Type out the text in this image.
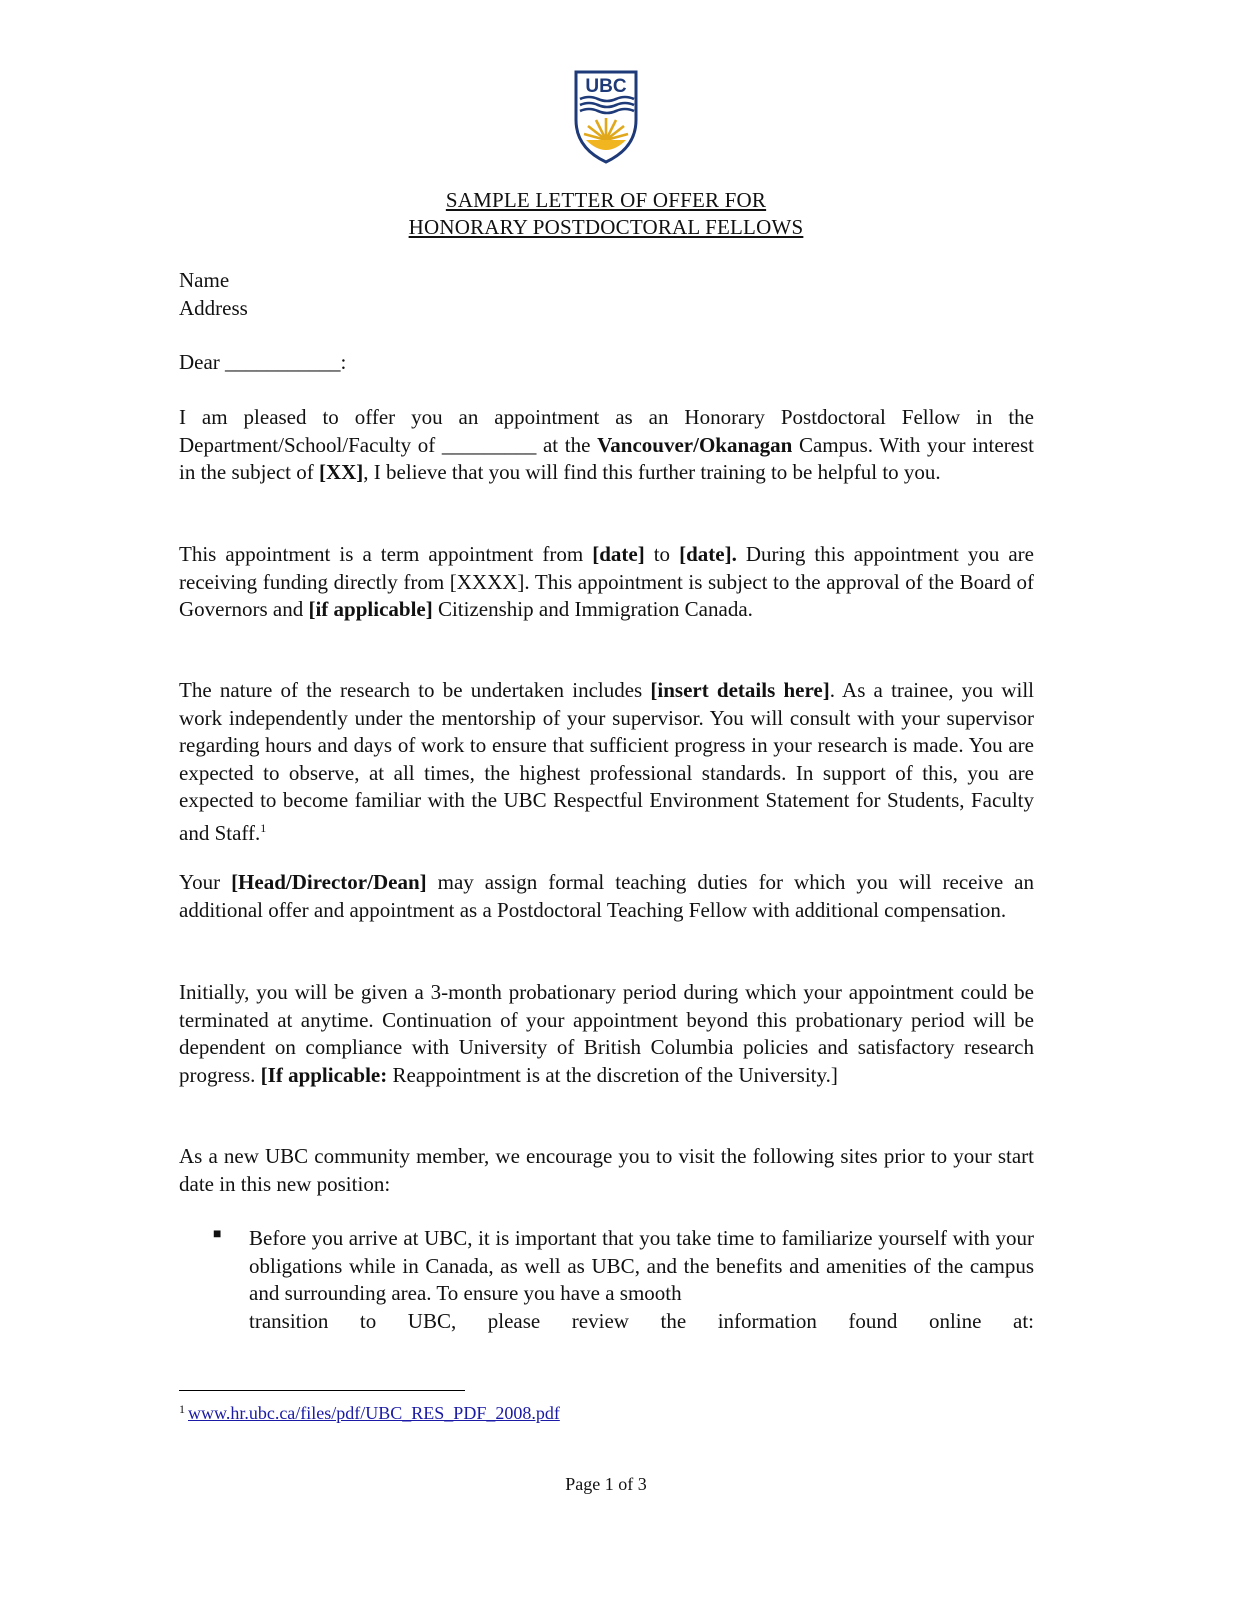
UBC
SAMPLE LETTER OF OFFER FOR
HONORARY POSTDOCTORAL FELLOWS

Name

Address

Dear ___________:
I am pleased to offer you an appointment as an Honorary Postdoctoral Fellow in the Department/School/Faculty of _________ at the Vancouver/Okanagan Campus. With your interest in the subject of [XX], I believe that you will find this further training to be helpful to you.
This appointment is a term appointment from [date] to [date]. During this appointment you are receiving funding directly from [XXXX]. This appointment is subject to the approval of the Board of Governors and [if applicable] Citizenship and Immigration Canada.
The nature of the research to be undertaken includes [insert details here]. As a trainee, you will work independently under the mentorship of your supervisor. You will consult with your supervisor regarding hours and days of work to ensure that sufficient progress in your research is made. You are expected to observe, at all times, the highest professional standards. In support of this, you are expected to become familiar with the UBC Respectful Environment Statement for Students, Faculty and Staff.$^1$
Your [Head/Director/Dean] may assign formal teaching duties for which you will receive an additional offer and appointment as a Postdoctoral Teaching Fellow with additional compensation.
Initially, you will be given a 3-month probationary period during which your appointment could be terminated at anytime. Continuation of your appointment beyond this probationary period will be dependent on compliance with University of British Columbia policies and satisfactory research progress. [If applicable: Reappointment is at the discretion of the University.]
As a new UBC community member, we encourage you to visit the following sites prior to your start date in this new position:
■ Before you arrive at UBC, it is important that you take time to familiarize yourself with your obligations while in Canada, as well as UBC, and the benefits and amenities of the campus and surrounding area. To ensure you have a smooth

transition to UBC, please review the information found online at:

$^1$ www.hr.ubc.ca/files/pdf/UBC_RES_PDF_2008.pdf
Page 1 of 3
